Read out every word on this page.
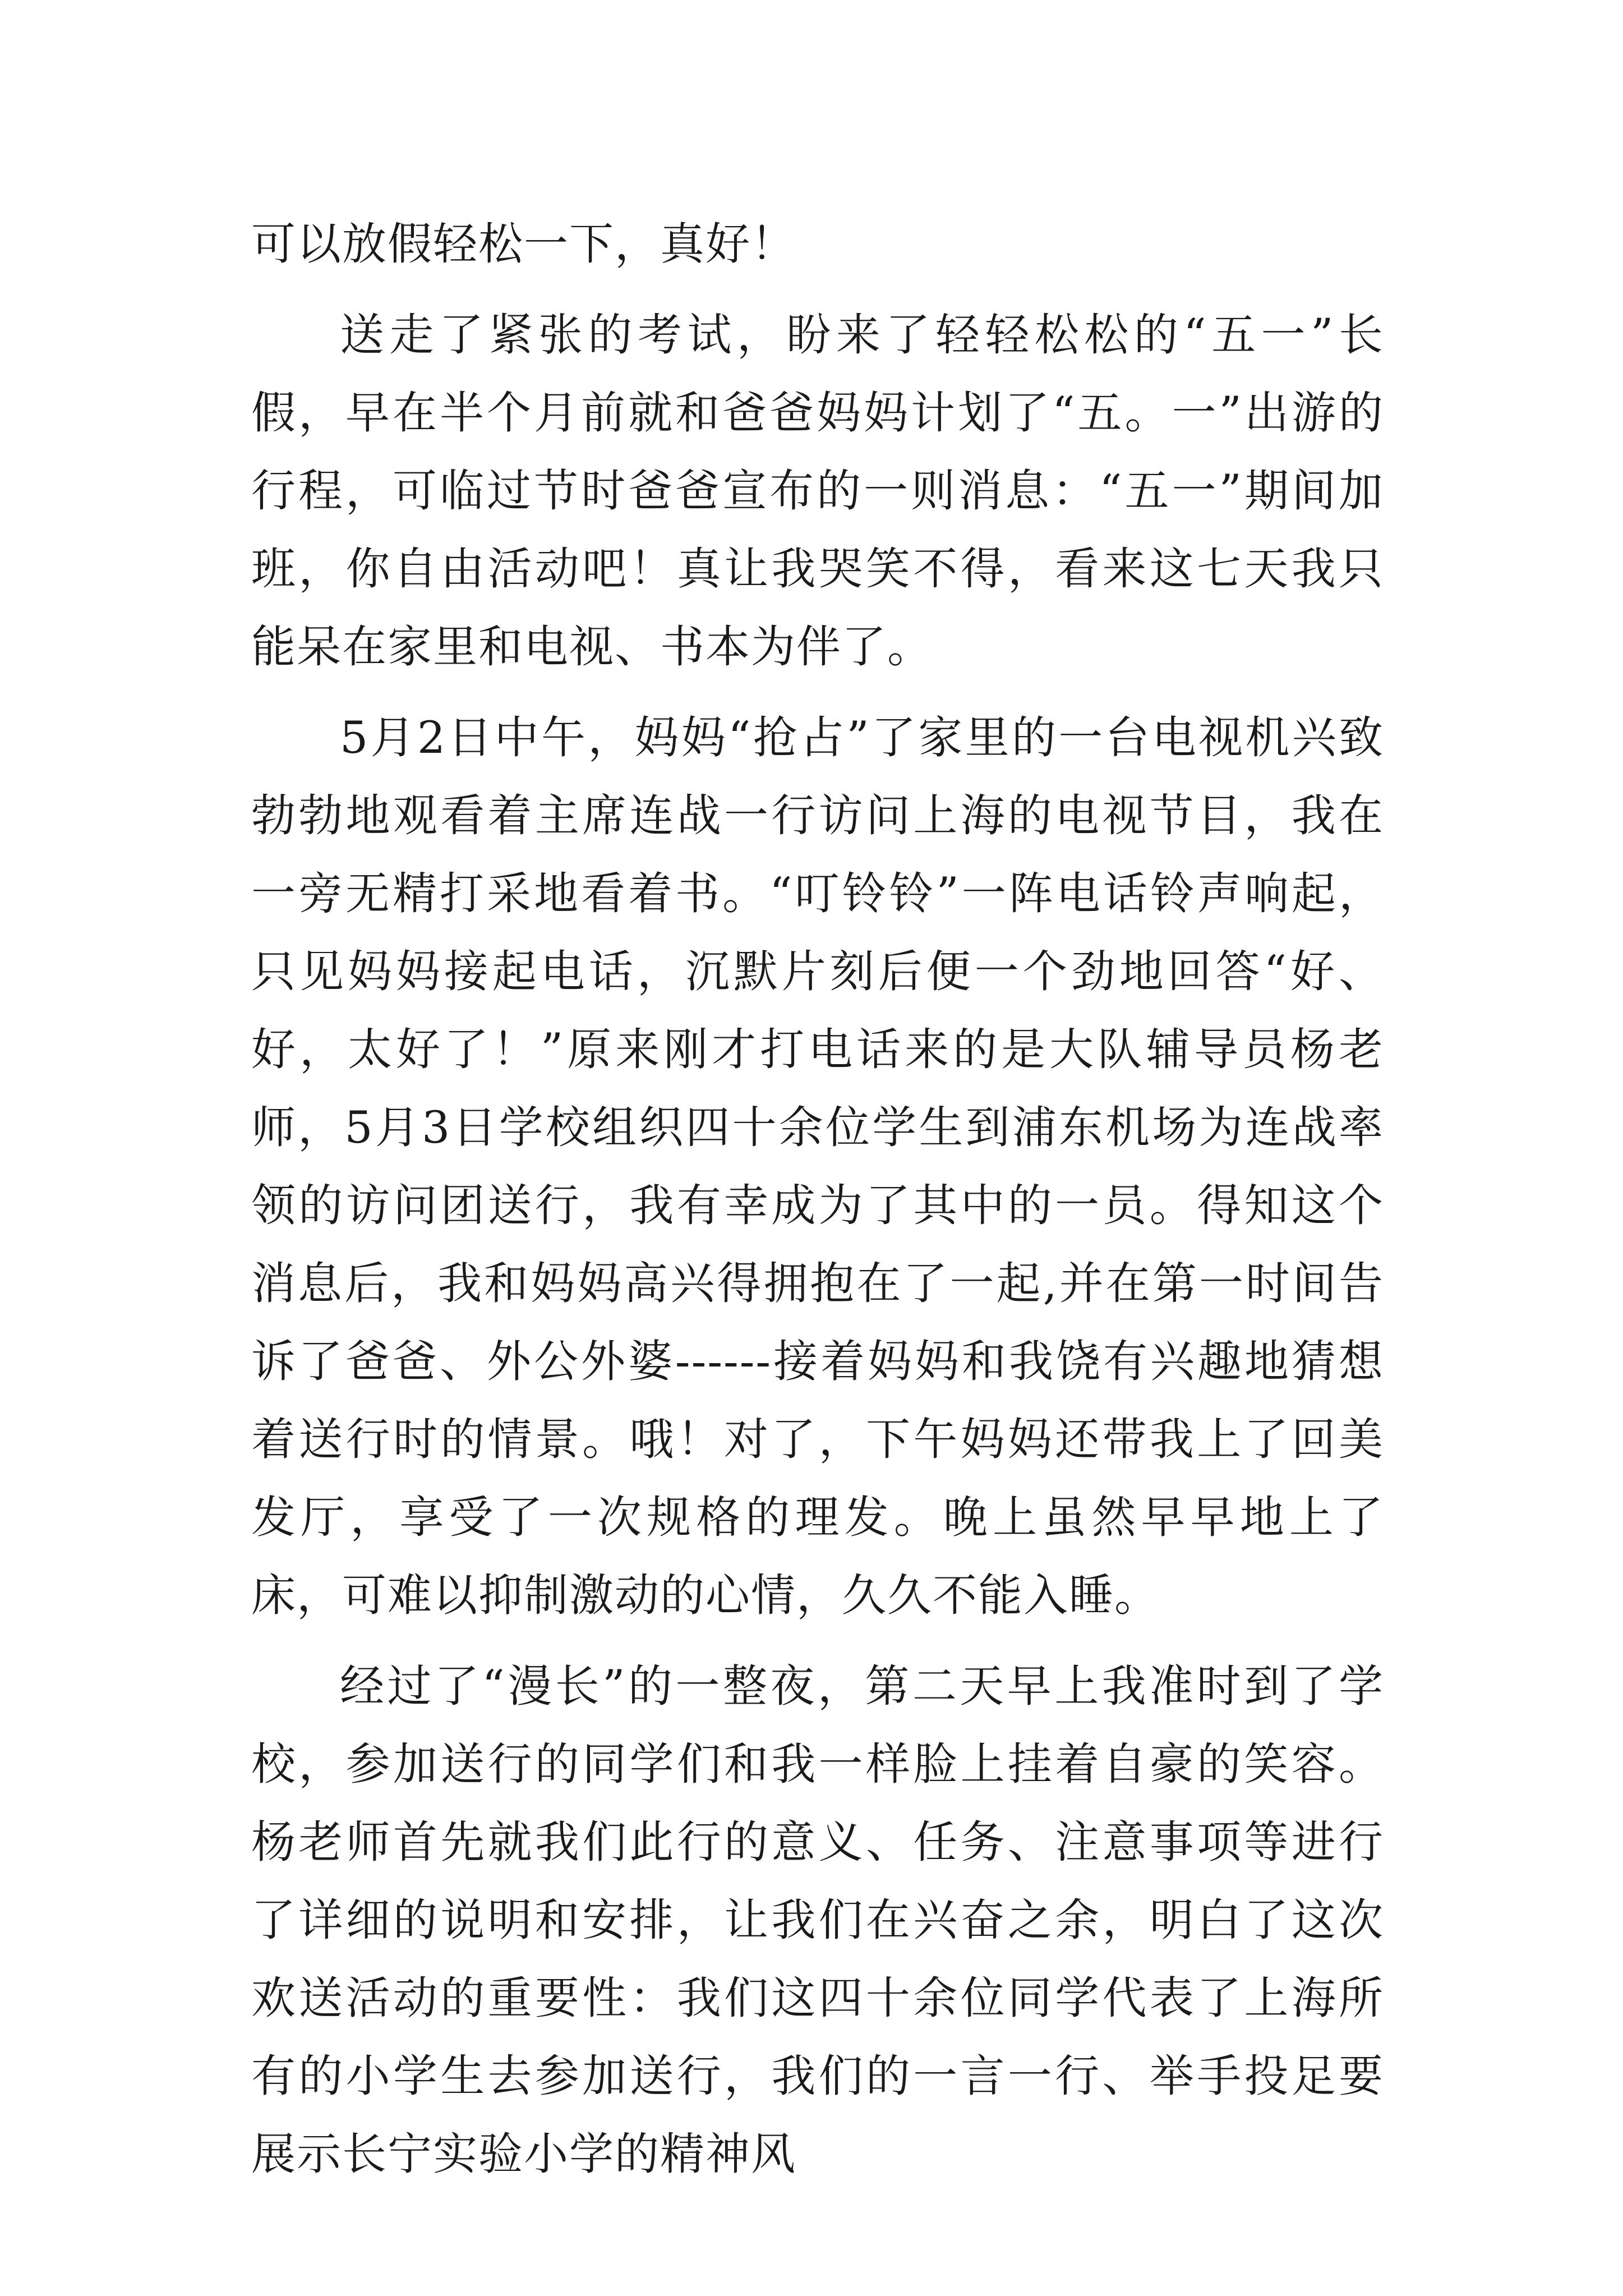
可以放假轻松一下，真好！

送走了紧张的考试，盼来了轻轻松松的“五一”长假，早在半个月前就和爸爸妈妈计划了“五。一”出游的行程，可临过节时爸爸宣布的一则消息：“五一”期间加班，你自由活动吧！真让我哭笑不得，看来这七天我只能呆在家里和电视、书本为伴了。

5月2日中午，妈妈“抢占”了家里的一台电视机兴致勃勃地观看着主席连战一行访问上海的电视节目，我在一旁无精打采地看着书。“叮铃铃”一阵电话铃声响起，只见妈妈接起电话，沉默片刻后便一个劲地回答“好、好，太好了！”原来刚才打电话来的是大队辅导员杨老师，5月3日学校组织四十余位学生到浦东机场为连战率领的访问团送行，我有幸成为了其中的一员。得知这个消息后，我和妈妈高兴得拥抱在了一起,并在第一时间告诉了爸爸、外公外婆------接着妈妈和我饶有兴趣地猜想着送行时的情景。哦！对了，下午妈妈还带我上了回美发厅，享受了一次规格的理发。晚上虽然早早地上了床，可难以抑制激动的心情，久久不能入睡。

经过了“漫长”的一整夜，第二天早上我准时到了学校，参加送行的同学们和我一样脸上挂着自豪的笑容。杨老师首先就我们此行的意义、任务、注意事项等进行了详细的说明和安排，让我们在兴奋之余，明白了这次欢送活动的重要性：我们这四十余位同学代表了上海所有的小学生去参加送行，我们的一言一行、举手投足要展示长宁实验小学的精神风
